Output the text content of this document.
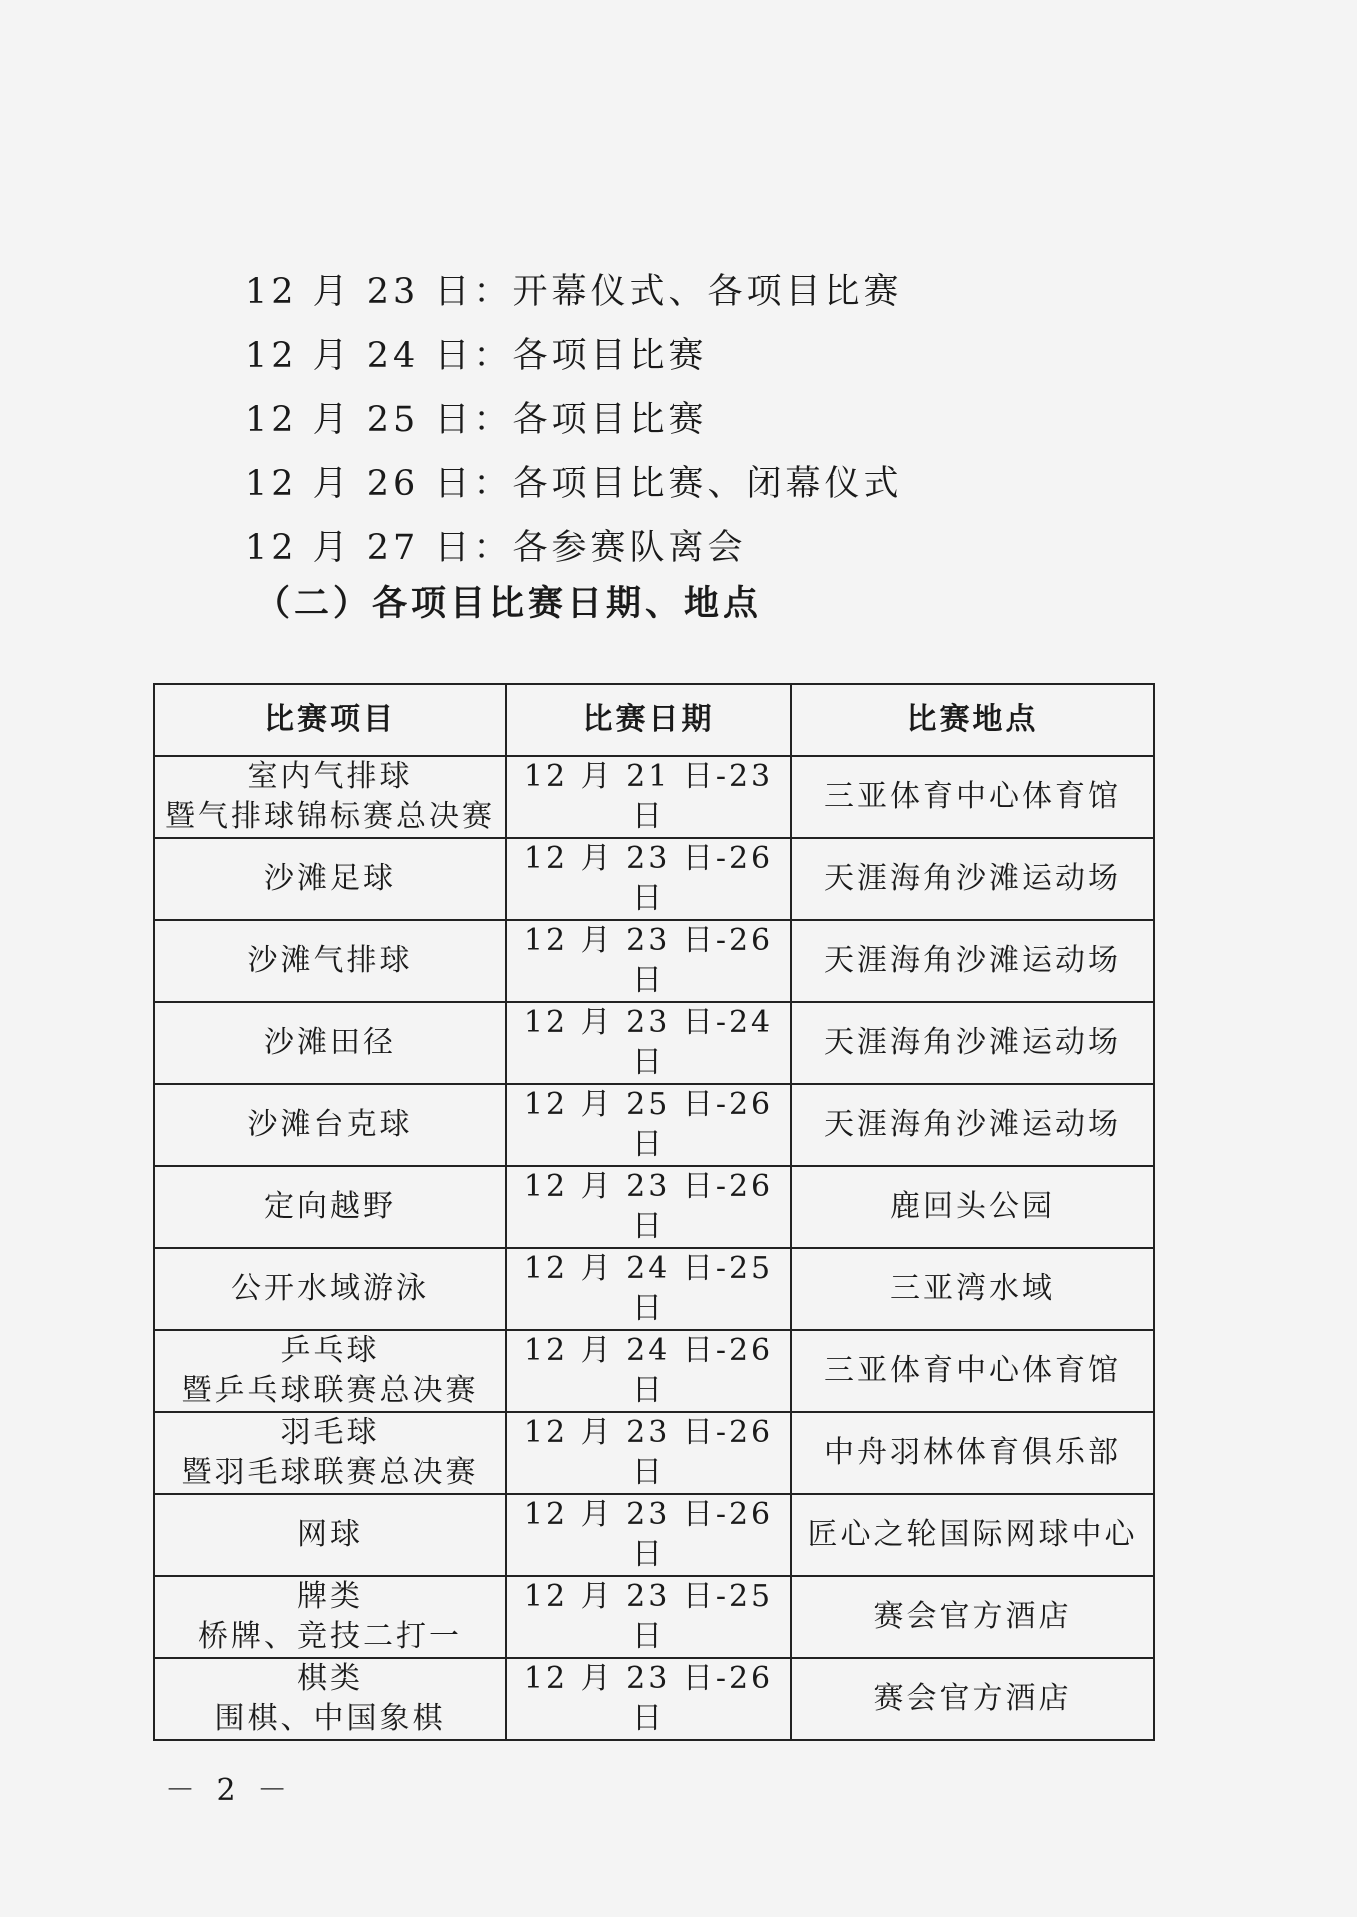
12 月 23 日：开幕仪式、各项目比赛
12 月 24 日：各项目比赛
12 月 25 日：各项目比赛
12 月 26 日：各项目比赛、闭幕仪式
12 月 27 日：各参赛队离会

（二）各项目比赛日期、地点

比赛项目	比赛日期	比赛地点

室内气排球
暨气排球锦标赛总决赛	12 月 21 日-23 日	三亚体育中心体育馆
沙滩足球	12 月 23 日-26 日	天涯海角沙滩运动场
沙滩气排球	12 月 23 日-26 日	天涯海角沙滩运动场
沙滩田径	12 月 23 日-24 日	天涯海角沙滩运动场
沙滩台克球	12 月 25 日-26 日	天涯海角沙滩运动场
定向越野	12 月 23 日-26 日	鹿回头公园
公开水域游泳	12 月 24 日-25 日	三亚湾水域

乒乓球
暨乒乓球联赛总决赛	12 月 24 日-26 日	三亚体育中心体育馆

羽毛球
暨羽毛球联赛总决赛	12 月 23 日-26 日	中舟羽林体育俱乐部
网球	12 月 23 日-26 日	匠心之轮国际网球中心

牌类
桥牌、竞技二打一	12 月 23 日-25 日	赛会官方酒店

棋类
围棋、中国象棋	12 月 23 日-26 日	赛会官方酒店
－ 2 －
